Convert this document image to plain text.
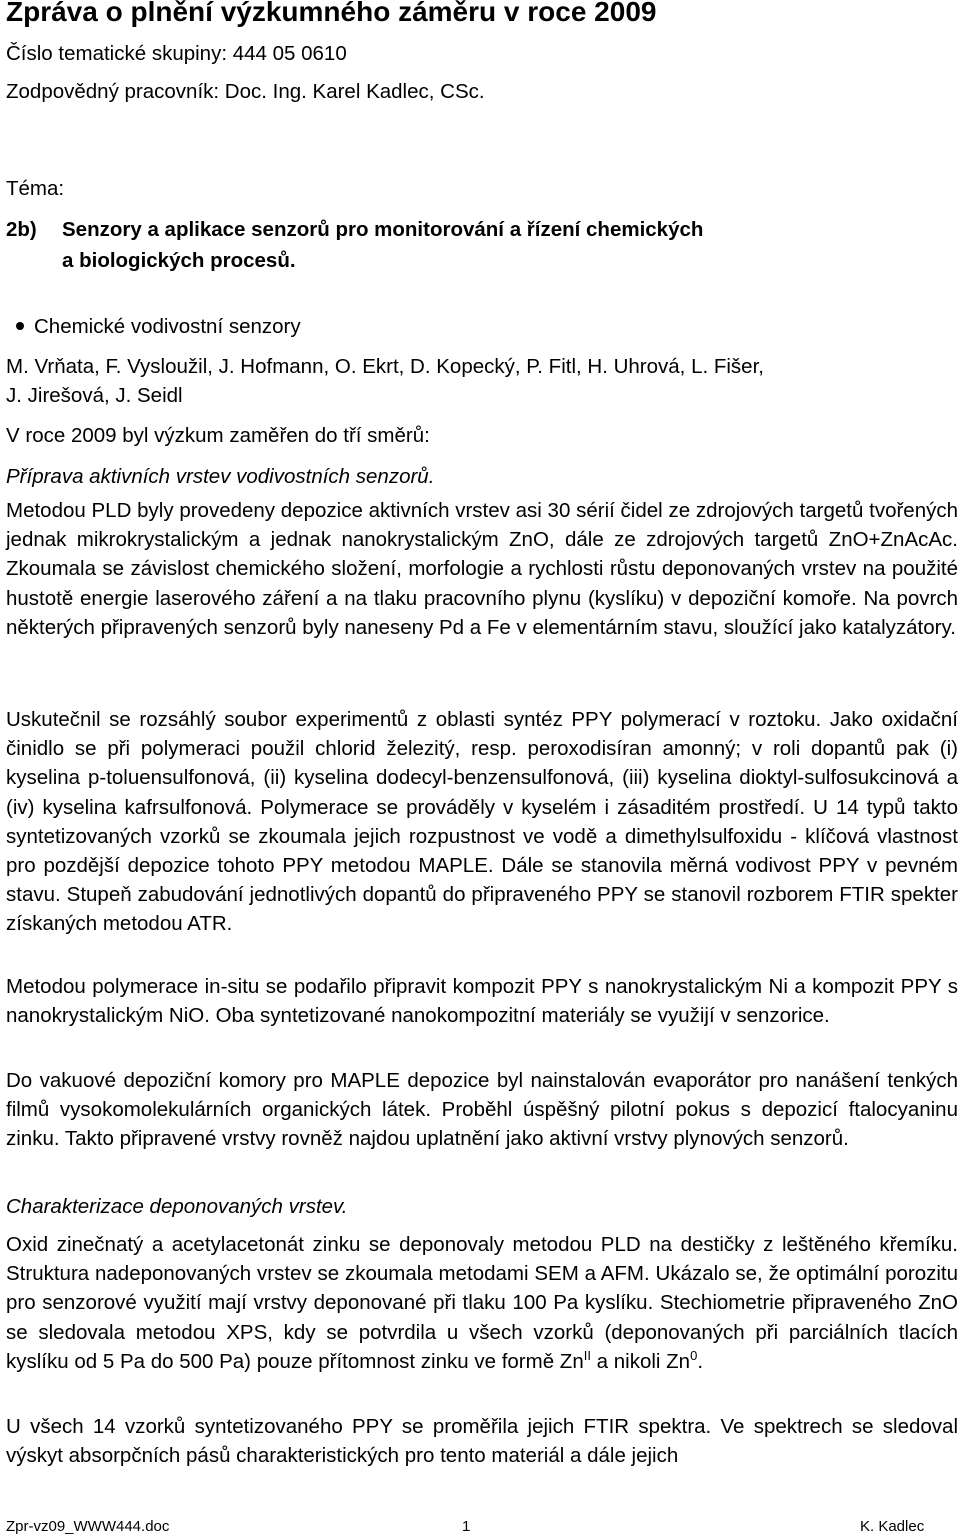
Zpráva o plnění výzkumného záměru v roce 2009
Číslo tematické skupiny: 444 05 0610
Zodpovědný pracovník: Doc. Ing. Karel Kadlec, CSc.
Téma:
2b) Senzory a aplikace senzorů pro monitorování a řízení chemických
a biologických procesů.
Chemické vodivostní senzory
M. Vrňata, F. Vysloužil, J. Hofmann, O. Ekrt, D. Kopecký, P. Fitl, H. Uhrová, L. Fišer,
J. Jirešová, J. Seidl
V roce 2009 byl výzkum zaměřen do tří směrů:
Příprava aktivních vrstev vodivostních senzorů.

Metodou PLD byly provedeny depozice aktivních vrstev asi 30 sérií čidel ze zdrojových targetů tvořených jednak mikrokrystalickým a jednak nanokrystalickým ZnO, dále ze zdrojových targetů ZnO+ZnAcAc. Zkoumala se závislost chemického složení, morfologie a rychlosti růstu deponovaných vrstev na použité hustotě energie laserového záření a na tlaku pracovního plynu (kyslíku) v depoziční komoře. Na povrch některých připravených senzorů byly naneseny Pd a Fe v elementárním stavu, sloužící jako katalyzátory.

Uskutečnil se rozsáhlý soubor experimentů z oblasti syntéz PPY polymerací v roztoku. Jako oxidační činidlo se při polymeraci použil chlorid železitý, resp. peroxodisíran amonný; v roli dopantů pak (i) kyselina p-toluensulfonová, (ii) kyselina dodecyl-benzensulfonová, (iii) kyselina dioktyl-sulfosukcinová a (iv) kyselina kafrsulfonová. Polymerace se prováděly v kyselém i zásaditém prostředí. U 14 typů takto syntetizovaných vzorků se zkoumala jejich rozpustnost ve vodě a dimethylsulfoxidu - klíčová vlastnost pro pozdější depozice tohoto PPY metodou MAPLE. Dále se stanovila měrná vodivost PPY v pevném stavu. Stupeň zabudování jednotlivých dopantů do připraveného PPY se stanovil rozborem FTIR spekter získaných metodou ATR.

Metodou polymerace in-situ se podařilo připravit kompozit PPY s nanokrystalickým Ni a kompozit PPY s nanokrystalickým NiO. Oba syntetizované nanokompozitní materiály se využijí v senzorice.

Do vakuové depoziční komory pro MAPLE depozice byl nainstalován evaporátor pro nanášení tenkých filmů vysokomolekulárních organických látek. Proběhl úspěšný pilotní pokus s depozicí ftalocyaninu zinku. Takto připravené vrstvy rovněž najdou uplatnění jako aktivní vrstvy plynových senzorů.

Charakterizace deponovaných vrstev.

Oxid zinečnatý a acetylacetonát zinku se deponovaly metodou PLD na destičky z leštěného křemíku. Struktura nadeponovaných vrstev se zkoumala metodami SEM a AFM. Ukázalo se, že optimální porozitu pro senzorové využití mají vrstvy deponované při tlaku 100 Pa kyslíku. Stechiometrie připraveného ZnO se sledovala metodou XPS, kdy se potvrdila u všech vzorků (deponovaných při parciálních tlacích kyslíku od 5 Pa do 500 Pa) pouze přítomnost zinku ve formě $Zn^{II}$ a nikoli Zn$^0$.

U všech 14 vzorků syntetizovaného PPY se proměřila jejich FTIR spektra. Ve spektrech se sledoval výskyt absorpčních pásů charakteristických pro tento materiál a dále jejich

Zpr-vz09_WWW444.doc	1	K. Kadlec
